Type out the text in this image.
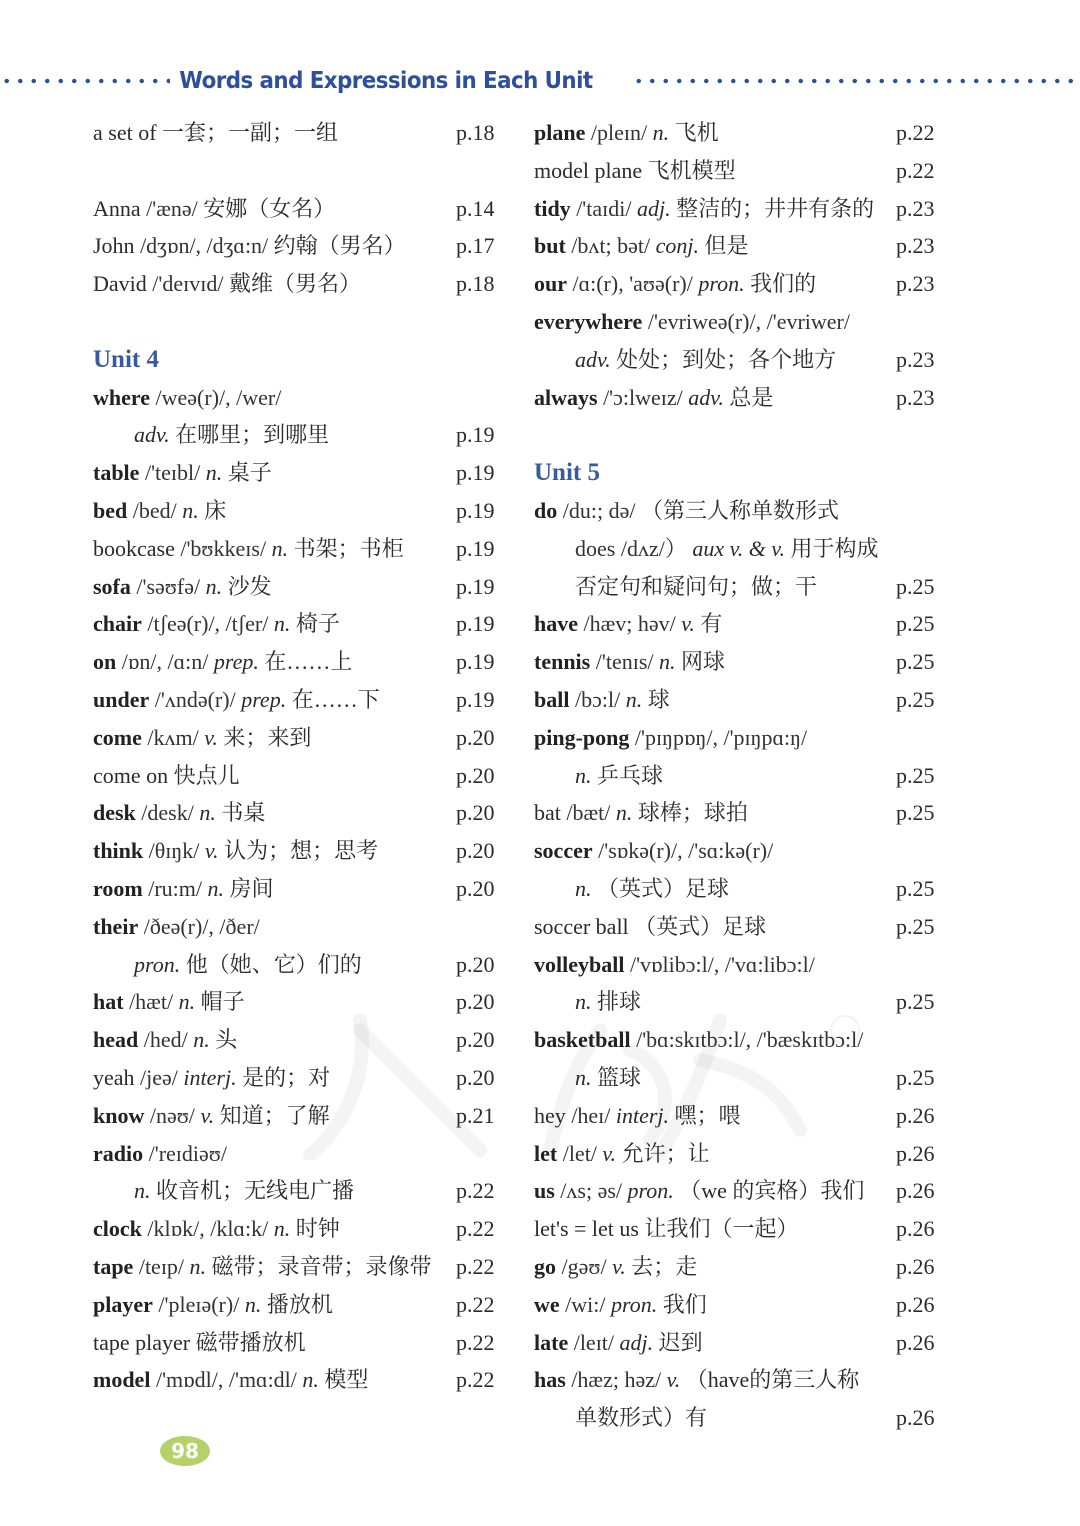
Words and Expressions in Each Unit
a set of 一套；一副；一组	p.18
Anna /'ænə/ 安娜（女名）	p.14
John /dʒɒn/, /dʒɑ:n/ 约翰（男名） p.17
David /'deɪvɪd/ 戴维（男名）	p.18
Unit 4
where /weə(r)/, /wer/
adv. 在哪里；到哪里	p.19
table /'teɪbl/ n. 桌子	p.19
bed /bed/ n. 床	p.19
bookcase /'bʊkkeɪs/ n. 书架；书柜 p.19
sofa /'səʊfə/ n. 沙发	p.19
chair /tʃeə(r)/, /tʃer/ n. 椅子	p.19
on /ɒn/, /ɑ:n/ prep. 在……上	p.19
under /'ʌndə(r)/ prep. 在……下	p.19
come /kʌm/ v. 来；来到	p.20
come on 快点儿	p.20
desk /desk/ n. 书桌	p.20
think /θɪŋk/ v. 认为；想；思考	p.20
room /ru:m/ n. 房间	p.20
their /ðeə(r)/, /ðer/
pron. 他（她、它）们的	p.20
hat /hæt/ n. 帽子	p.20
head /hed/ n. 头	p.20
yeah /jeə/ interj. 是的；对	p.20
know /nəʊ/ v. 知道；了解	p.21
radio /'reɪdiəʊ/
n. 收音机；无线电广播	p.22
clock /klɒk/, /klɑ:k/ n. 时钟	p.22
tape /teɪp/ n. 磁带；录音带；录像带 p.22
player /'pleɪə(r)/ n. 播放机	p.22
tape player 磁带播放机	p.22
model /'mɒdl/, /'mɑ:dl/ n. 模型	p.22
plane /pleɪn/ n. 飞机	p.22
model plane 飞机模型	p.22
tidy /'taɪdi/ adj. 整洁的；井井有条的 p.23
but /bʌt; bət/ conj. 但是	p.23
our /ɑ:(r), 'aʊə(r)/ pron. 我们的	p.23
everywhere /'evriweə(r)/, /'evriwer/
adv. 处处；到处；各个地方	p.23
always /'ɔ:lweɪz/ adv. 总是	p.23
Unit 5
do /du:; də/ （第三人称单数形式
does /dʌz/） aux v. & v. 用于构成
否定句和疑问句；做；干	p.25
have /hæv; həv/ v. 有	p.25
tennis /'tenɪs/ n. 网球	p.25
ball /bɔ:l/ n. 球	p.25
ping-pong /'pɪŋpɒŋ/, /'pɪŋpɑ:ŋ/
n. 乒乓球	p.25
bat /bæt/ n. 球棒；球拍	p.25
soccer /'sɒkə(r)/, /'sɑ:kə(r)/
n. （英式）足球	p.25
soccer ball （英式）足球	p.25
volleyball /'vɒlibɔ:l/, /'vɑ:libɔ:l/
n. 排球	p.25
basketball /'bɑ:skɪtbɔ:l/, /'bæskɪtbɔ:l/
n. 篮球	p.25
hey /heɪ/ interj. 嘿；喂	p.26
let /let/ v. 允许；让	p.26
us /ʌs; əs/ pron. （we 的宾格）我们 p.26
let's = let us 让我们（一起）	p.26
go /gəʊ/ v. 去；走	p.26
we /wi:/ pron. 我们	p.26
late /leɪt/ adj. 迟到	p.26
has /hæz; həz/ v. （have的第三人称
单数形式）有	p.26
98
